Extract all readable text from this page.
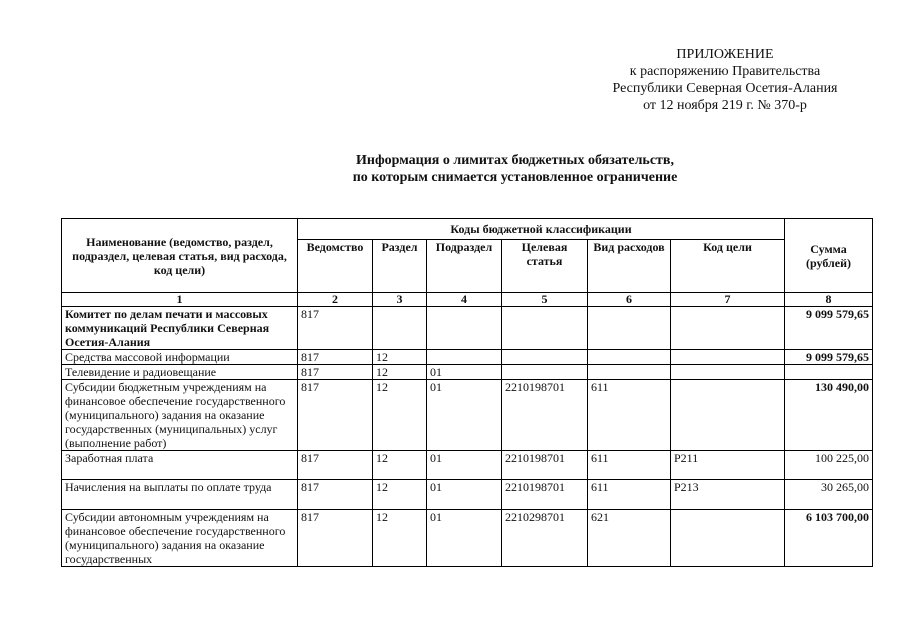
ПРИЛОЖЕНИЕ
к распоряжению Правительства
Республики Северная Осетия-Алания
от 12 ноября 219 г. № 370-р
Информация о лимитах бюджетных обязательств,
по которым снимается установленное ограничение
Наименование (ведомство, раздел, подраздел, целевая статья, вид расхода, код цели)	Коды бюджетной классификации						Сумма (рублей)
	Ведомство	Раздел	Подраздел	Целевая статья	Вид расходов	Код цели	
1	2	3	4	5	6	7	8
Комитет по делам печати и массовых коммуникаций Республики Северная Осетия-Алания	817						9 099 579,65
Средства массовой информации	817	12					9 099 579,65
Телевидение и радиовещание	817	12	01				
Субсидии бюджетным учреждениям на финансовое обеспечение государственного (муниципального) задания на оказание государственных (муниципальных) услуг (выполнение работ)	817	12	01	2210198701	611		130 490,00
Заработная плата	817	12	01	2210198701	611	Р211	100 225,00
Начисления на выплаты по оплате труда	817	12	01	2210198701	611	Р213	30 265,00
Субсидии автономным учреждениям на финансовое обеспечение государственного (муниципального) задания на оказание государственных	817	12	01	2210298701	621		6 103 700,00
